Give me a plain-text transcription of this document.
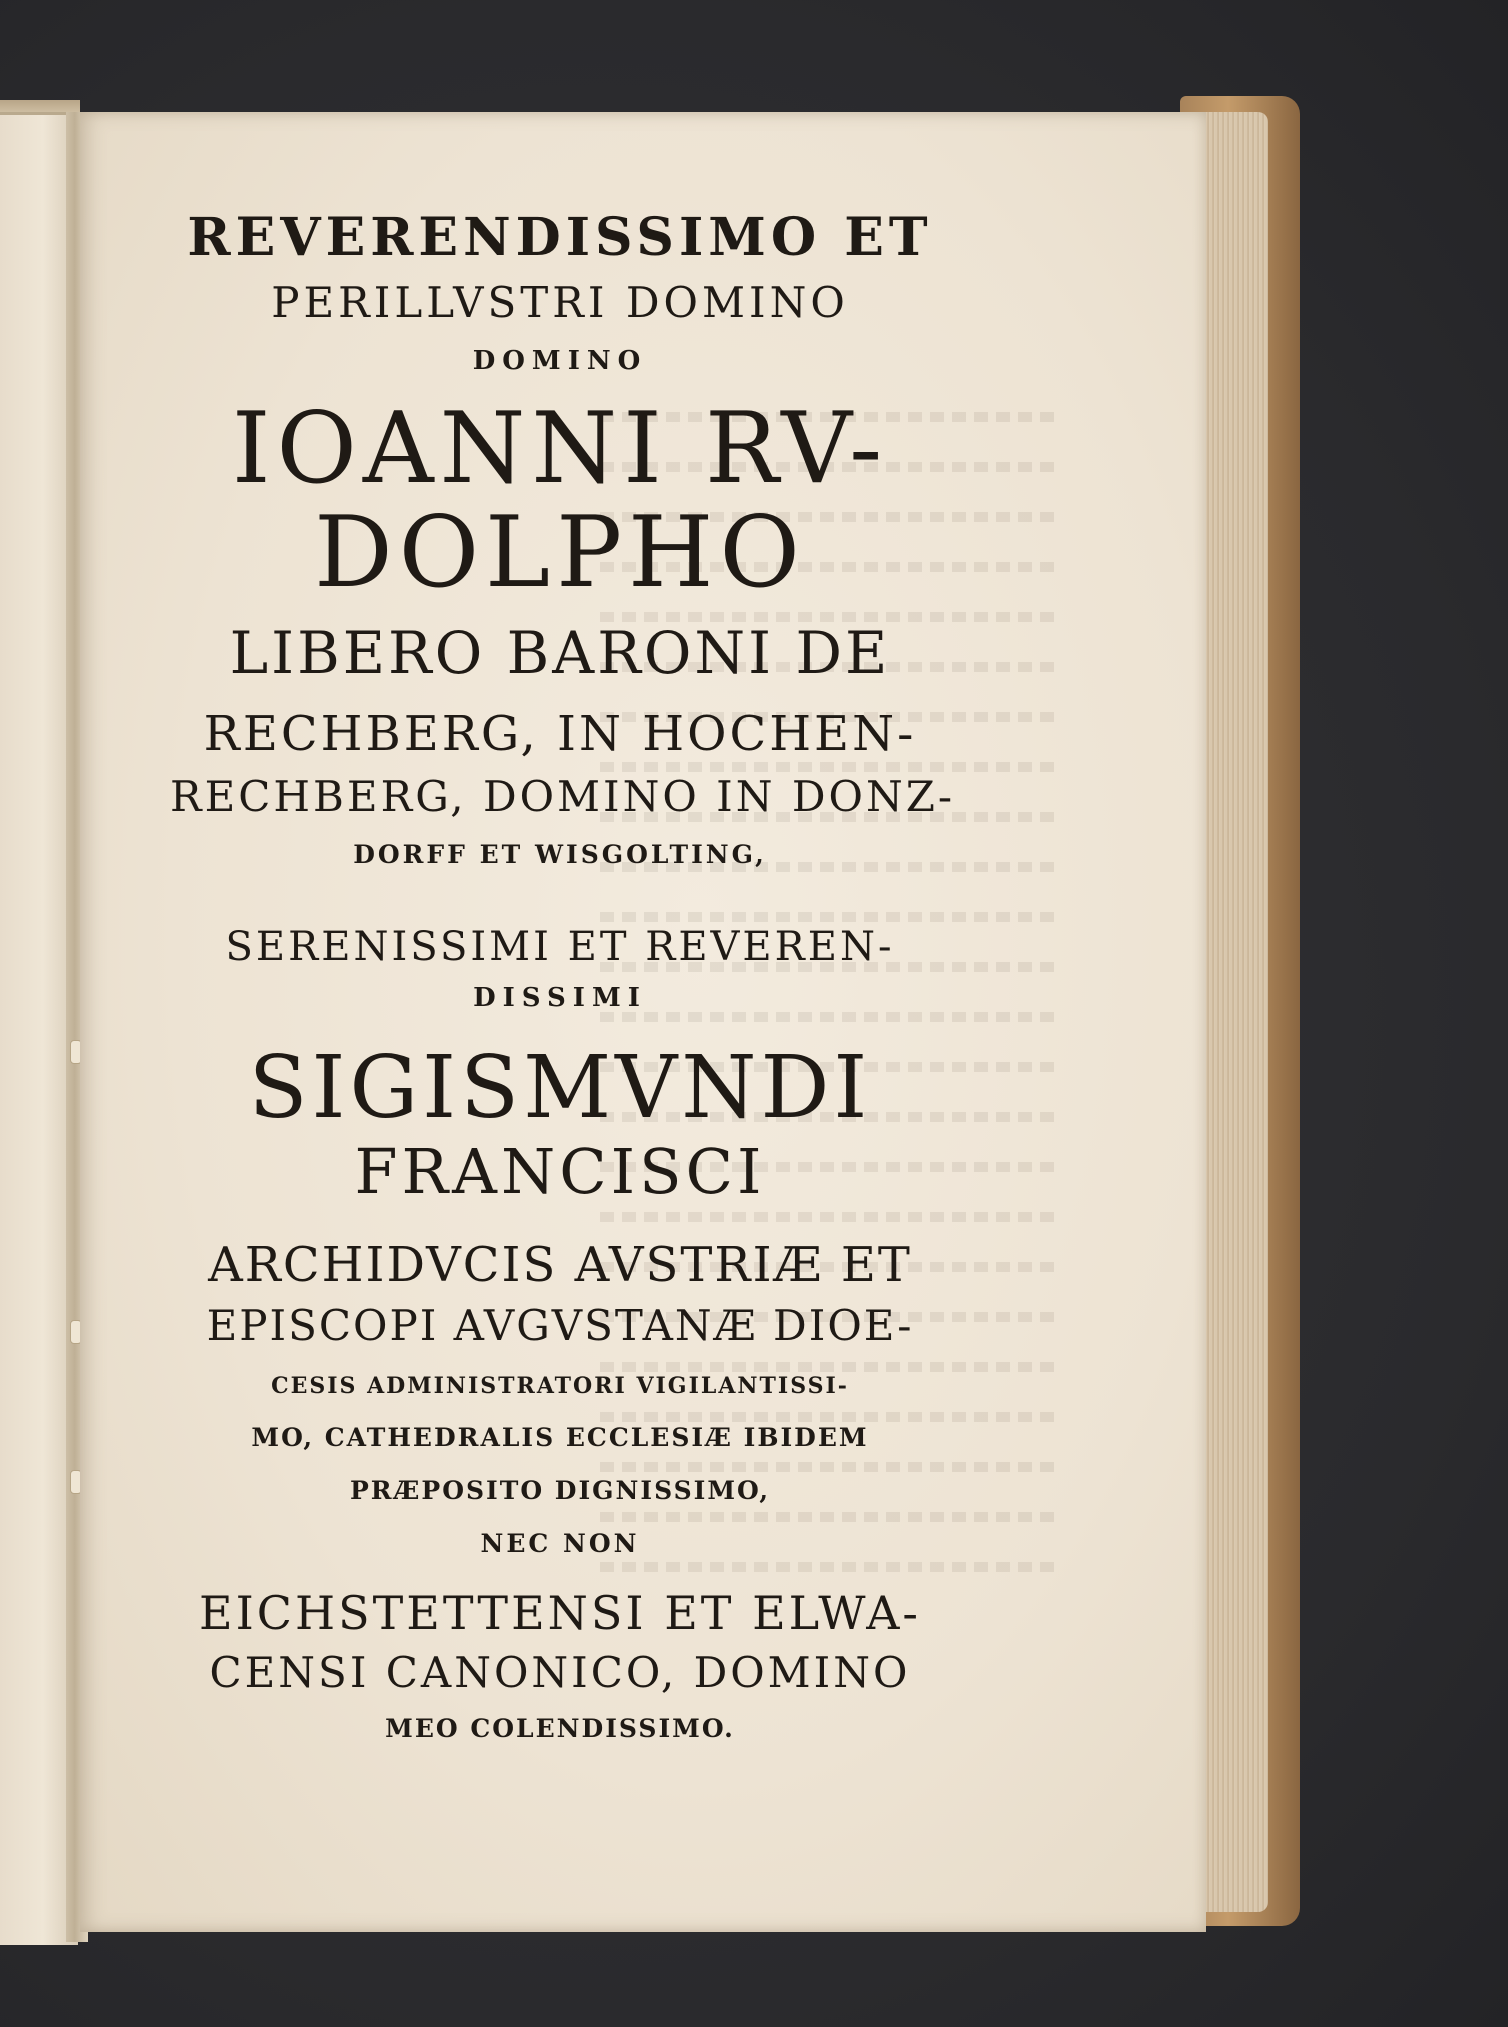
REVERENDISSIMO ET
PERILLVSTRI DOMINO
DOMINO
IOANNI RV-
DOLPHO
LIBERO BARONI DE
RECHBERG, IN HOCHEN-
RECHBERG, DOMINO IN DONZ-
DORFF ET WISGOLTING,
SERENISSIMI ET REVEREN-
DISSIMI
SIGISMVNDI
FRANCISCI
ARCHIDVCIS AVSTRIÆ ET
EPISCOPI AVGVSTANÆ DIOE-
CESIS ADMINISTRATORI VIGILANTISSI-
MO, CATHEDRALIS ECCLESIÆ IBIDEM
PRÆPOSITO DIGNISSIMO,
NEC NON
EICHSTETTENSI ET ELWA-
CENSI CANONICO, DOMINO
MEO COLENDISSIMO.
